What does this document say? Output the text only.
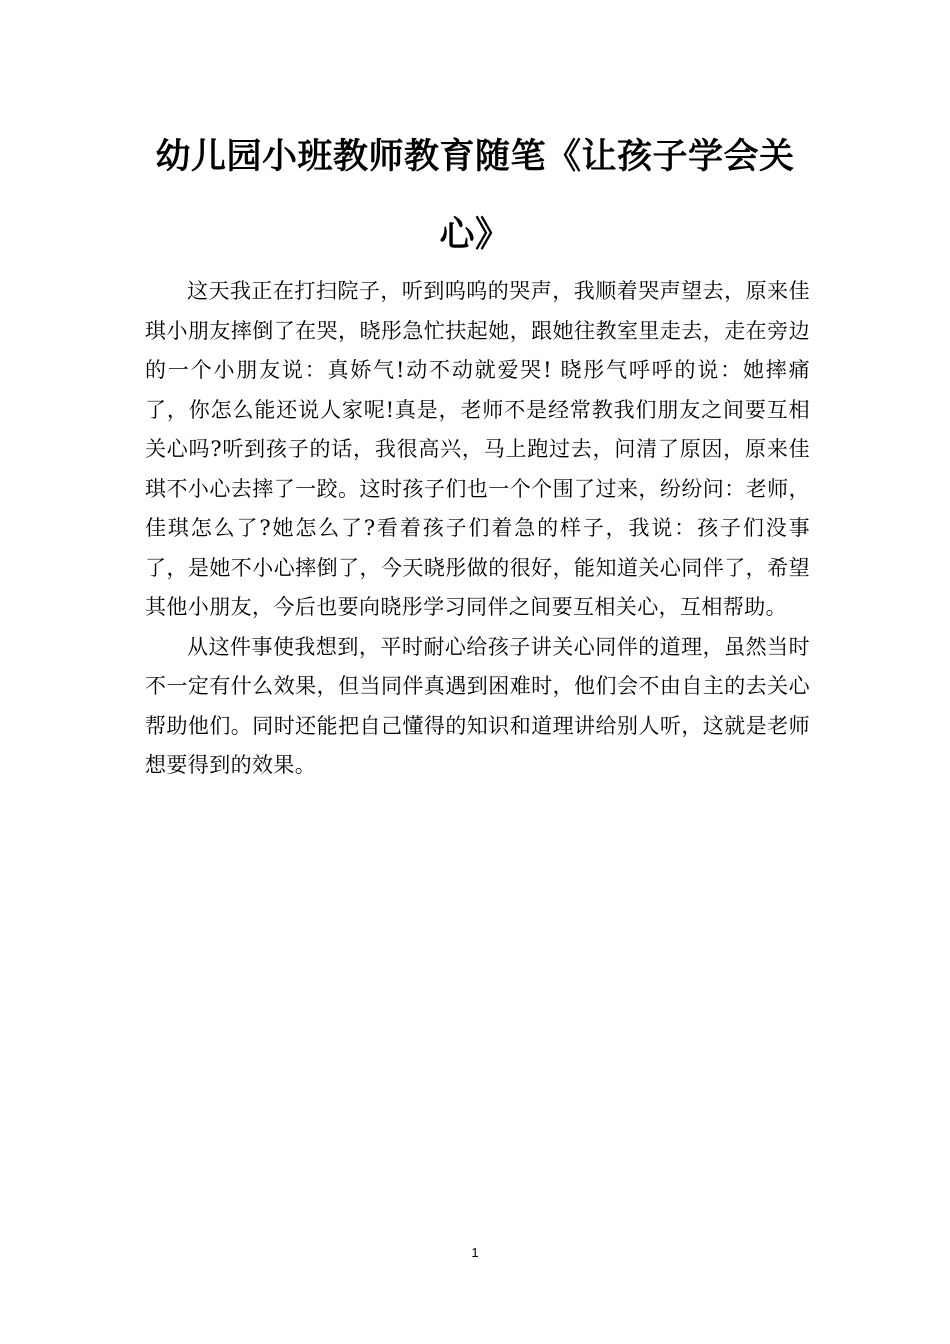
幼儿园小班教师教育随笔《让孩子学会关
心》

这天我正在打扫院子，听到呜呜的哭声，我顺着哭声望去，原来佳琪小朋友摔倒了在哭，晓彤急忙扶起她，跟她往教室里走去，走在旁边的一个小朋友说：真娇气!动不动就爱哭! 晓彤气呼呼的说：她摔痛了，你怎么能还说人家呢!真是，老师不是经常教我们朋友之间要互相关心吗?听到孩子的话，我很高兴，马上跑过去，问清了原因，原来佳琪不小心去摔了一跤。这时孩子们也一个个围了过来，纷纷问：老师，佳琪怎么了?她怎么了?看着孩子们着急的样子，我说：孩子们没事了，是她不小心摔倒了，今天晓彤做的很好，能知道关心同伴了，希望其他小朋友，今后也要向晓彤学习同伴之间要互相关心，互相帮助。

从这件事使我想到，平时耐心给孩子讲关心同伴的道理，虽然当时不一定有什么效果，但当同伴真遇到困难时，他们会不由自主的去关心帮助他们。同时还能把自己懂得的知识和道理讲给别人听，这就是老师想要得到的效果。

1
